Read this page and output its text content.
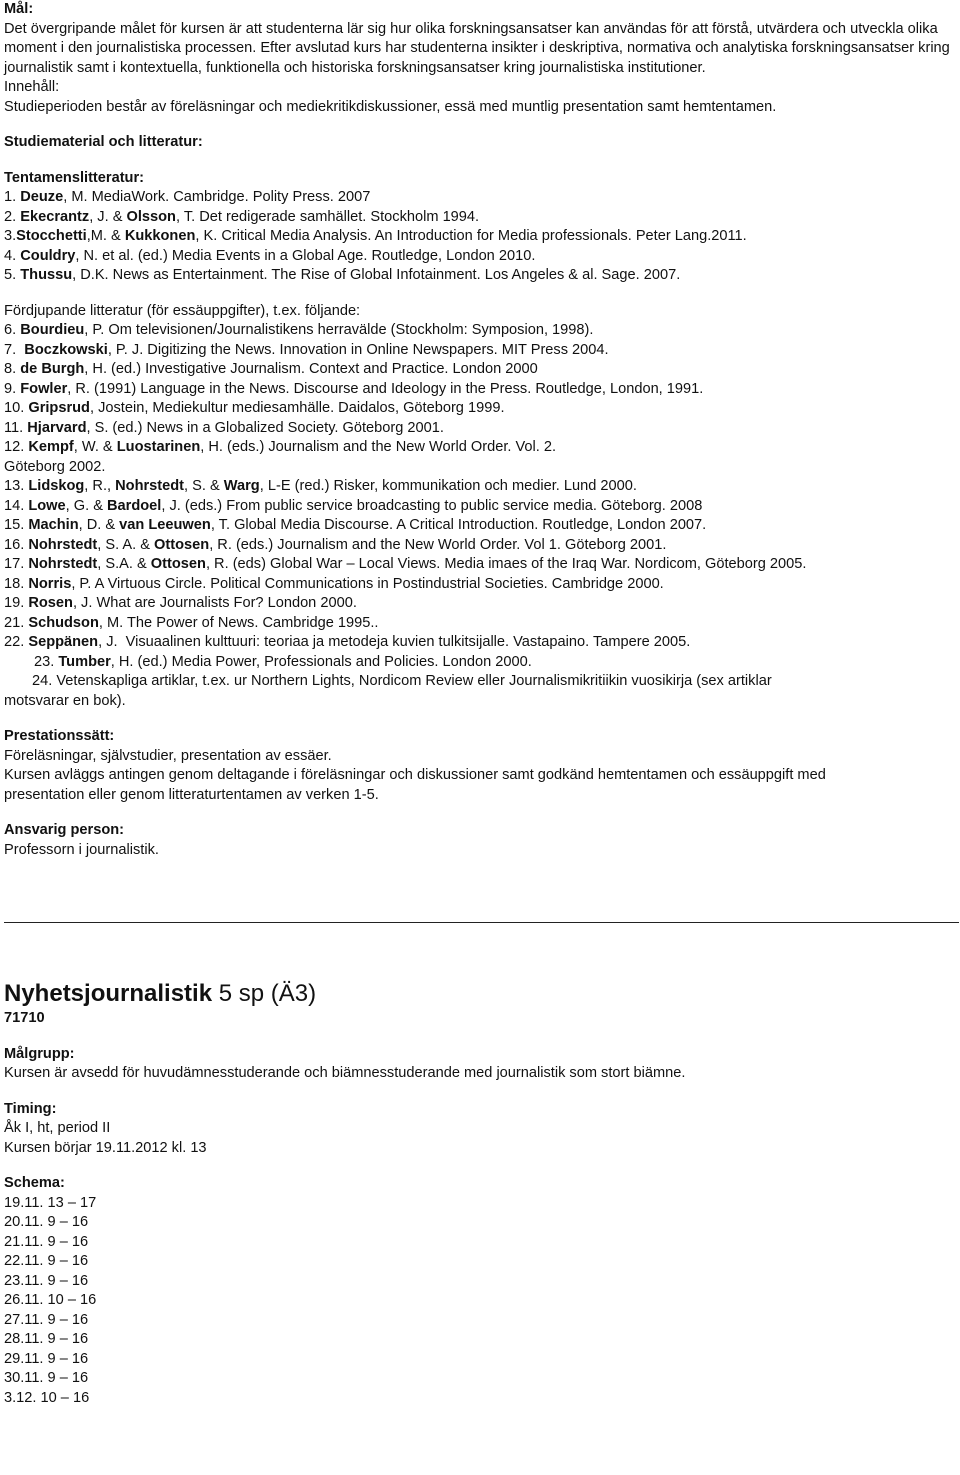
Mål:
Det övergripande målet för kursen är att studenterna lär sig hur olika forskningsansatser kan användas för att förstå, utvärdera och utveckla olika moment i den journalistiska processen. Efter avslutad kurs har studenterna insikter i deskriptiva, normativa och analytiska forskningsansatser kring journalistik samt i kontextuella, funktionella och historiska forskningsansatser kring journalistiska institutioner.
Innehåll:
Studieperioden består av föreläsningar och mediekritikdiskussioner, essä med muntlig presentation samt hemtentamen.
Studiematerial och litteratur:
Tentamenslitteratur:
1. Deuze, M. MediaWork. Cambridge. Polity Press. 2007
2. Ekecrantz, J. & Olsson, T. Det redigerade samhället. Stockholm 1994.
3.Stocchetti,M. & Kukkonen, K. Critical Media Analysis. An Introduction for Media professionals. Peter Lang.2011.
4. Couldry, N. et al. (ed.) Media Events in a Global Age. Routledge, London 2010.
5. Thussu, D.K. News as Entertainment. The Rise of Global Infotainment. Los Angeles & al. Sage. 2007.
Fördjupande litteratur (för essäuppgifter), t.ex. följande:
6. Bourdieu, P. Om televisionen/Journalistikens herravälde (Stockholm: Symposion, 1998).
7.  Boczkowski, P. J. Digitizing the News. Innovation in Online Newspapers. MIT Press 2004.
8. de Burgh, H. (ed.) Investigative Journalism. Context and Practice. London 2000
9. Fowler, R. (1991) Language in the News. Discourse and Ideology in the Press. Routledge, London, 1991.
10. Gripsrud, Jostein, Mediekultur mediesamhälle. Daidalos, Göteborg 1999.
11. Hjarvard, S. (ed.) News in a Globalized Society. Göteborg 2001.
12. Kempf, W. & Luostarinen, H. (eds.) Journalism and the New World Order. Vol. 2.
Göteborg 2002.
13. Lidskog, R., Nohrstedt, S. & Warg, L-E (red.) Risker, kommunikation och medier. Lund 2000.
14. Lowe, G. & Bardoel, J. (eds.) From public service broadcasting to public service media. Göteborg. 2008
15. Machin, D. & van Leeuwen, T. Global Media Discourse. A Critical Introduction. Routledge, London 2007.
16. Nohrstedt, S. A. & Ottosen, R. (eds.) Journalism and the New World Order. Vol 1. Göteborg 2001.
17. Nohrstedt, S.A. & Ottosen, R. (eds) Global War – Local Views. Media imaes of the Iraq War. Nordicom, Göteborg 2005.
18. Norris, P. A Virtuous Circle. Political Communications in Postindustrial Societies. Cambridge 2000.
19. Rosen, J. What are Journalists For? London 2000.
21. Schudson, M. The Power of News. Cambridge 1995..
22. Seppänen, J.  Visuaalinen kulttuuri: teoriaa ja metodeja kuvien tulkitsijalle. Vastapaino. Tampere 2005.
23. Tumber, H. (ed.) Media Power, Professionals and Policies. London 2000.
24. Vetenskapliga artiklar, t.ex. ur Northern Lights, Nordicom Review eller Journalismikritiikin vuosikirja (sex artiklar
motsvarar en bok).
Prestationssätt:
Föreläsningar, självstudier, presentation av essäer.
Kursen avläggs antingen genom deltagande i föreläsningar och diskussioner samt godkänd hemtentamen och essäuppgift med
presentation eller genom litteraturtentamen av verken 1-5.
Ansvarig person:
Professorn i journalistik.
Nyhetsjournalistik 5 sp (Ä3)
71710
Målgrupp:
Kursen är avsedd för huvudämnesstuderande och biämnesstuderande med journalistik som stort biämne.
Timing:
Åk I, ht, period II
Kursen börjar 19.11.2012 kl. 13
Schema:
19.11. 13 – 17
20.11. 9 – 16
21.11. 9 – 16
22.11. 9 – 16
23.11. 9 – 16
26.11. 10 – 16
27.11. 9 – 16
28.11. 9 – 16
29.11. 9 – 16
30.11. 9 – 16
3.12. 10 – 16
